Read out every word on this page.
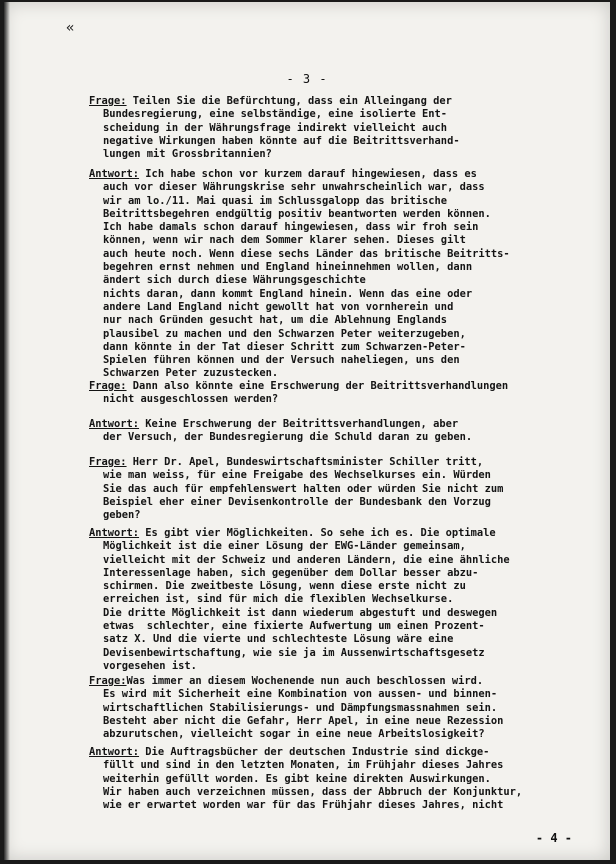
«
- 3 -
Frage: Teilen Sie die Befürchtung, dass ein Alleingang der
Bundesregierung, eine selbständige, eine isolierte Ent-
scheidung in der Währungsfrage indirekt vielleicht auch
negative Wirkungen haben könnte auf die Beitrittsverhand-
lungen mit Grossbritannien?
Antwort: Ich habe schon vor kurzem darauf hingewiesen, dass es
auch vor dieser Währungskrise sehr unwahrscheinlich war, dass
wir am lo./11. Mai quasi im Schlussgalopp das britische
Beitrittsbegehren endgültig positiv beantworten werden können.
Ich habe damals schon darauf hingewiesen, dass wir froh sein
können, wenn wir nach dem Sommer klarer sehen. Dieses gilt
auch heute noch. Wenn diese sechs Länder das britische Beitritts-
begehren ernst nehmen und England hineinnehmen wollen, dann
ändert sich durch diese Währungsgeschichte
nichts daran, dann kommt England hinein. Wenn das eine oder
andere Land England nicht gewollt hat von vornherein und
nur nach Gründen gesucht hat, um die Ablehnung Englands
plausibel zu machen und den Schwarzen Peter weiterzugeben,
dann könnte in der Tat dieser Schritt zum Schwarzen-Peter-
Spielen führen können und der Versuch naheliegen, uns den
Schwarzen Peter zuzustecken.
Frage: Dann also könnte eine Erschwerung der Beitrittsverhandlungen
nicht ausgeschlossen werden?
Antwort: Keine Erschwerung der Beitrittsverhandlungen, aber
der Versuch, der Bundesregierung die Schuld daran zu geben.
Frage: Herr Dr. Apel, Bundeswirtschaftsminister Schiller tritt,
wie man weiss, für eine Freigabe des Wechselkurses ein. Würden
Sie das auch für empfehlenswert halten oder würden Sie nicht zum
Beispiel eher einer Devisenkontrolle der Bundesbank den Vorzug
geben?
Antwort: Es gibt vier Möglichkeiten. So sehe ich es. Die optimale
Möglichkeit ist die einer Lösung der EWG-Länder gemeinsam,
vielleicht mit der Schweiz und anderen Ländern, die eine ähnliche
Interessenlage haben, sich gegenüber dem Dollar besser abzu-
schirmen. Die zweitbeste Lösung, wenn diese erste nicht zu
erreichen ist, sind für mich die flexiblen Wechselkurse.
Die dritte Möglichkeit ist dann wiederum abgestuft und deswegen
etwas  schlechter, eine fixierte Aufwertung um einen Prozent-
satz X. Und die vierte und schlechteste Lösung wäre eine
Devisenbewirtschaftung, wie sie ja im Aussenwirtschaftsgesetz
vorgesehen ist.
Frage:Was immer an diesem Wochenende nun auch beschlossen wird.
Es wird mit Sicherheit eine Kombination von aussen- und binnen-
wirtschaftlichen Stabilisierungs- und Dämpfungsmassnahmen sein.
Besteht aber nicht die Gefahr, Herr Apel, in eine neue Rezession
abzurutschen, vielleicht sogar in eine neue Arbeitslosigkeit?
Antwort: Die Auftragsbücher der deutschen Industrie sind dickge-
füllt und sind in den letzten Monaten, im Frühjahr dieses Jahres
weiterhin gefüllt worden. Es gibt keine direkten Auswirkungen.
Wir haben auch verzeichnen müssen, dass der Abbruch der Konjunktur,
wie er erwartet worden war für das Frühjahr dieses Jahres, nicht
- 4 -
